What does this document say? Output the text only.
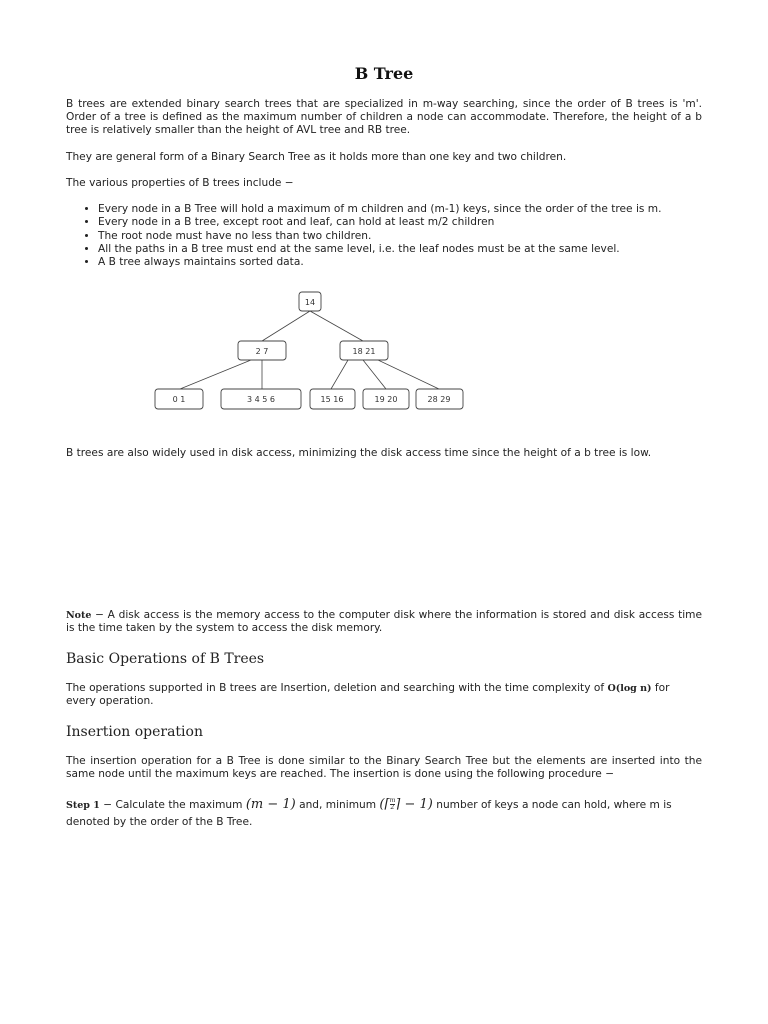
B Tree

B trees are extended binary search trees that are specialized in m-way searching, since the order of B trees is 'm'. Order of a tree is defined as the maximum number of children a node can accommodate. Therefore, the height of a b tree is relatively smaller than the height of AVL tree and RB tree.

They are general form of a Binary Search Tree as it holds more than one key and two children.

The various properties of B trees include −

• Every node in a B Tree will hold a maximum of m children and (m-1) keys, since the order of the tree is m.
• Every node in a B tree, except root and leaf, can hold at least m/2 children
• The root node must have no less than two children.
• All the paths in a B tree must end at the same level, i.e. the leaf nodes must be at the same level.
• A B tree always maintains sorted data.
14
2 7	18 21
0 1	3 4 5 6	15 16	19 20	28 29

B trees are also widely used in disk access, minimizing the disk access time since the height of a b tree is low.

Note − A disk access is the memory access to the computer disk where the information is stored and disk access time is the time taken by the system to access the disk memory.

Basic Operations of B Trees

The operations supported in B trees are Insertion, deletion and searching with the time complexity of O(log n) for every operation.

Insertion operation

The insertion operation for a B Tree is done similar to the Binary Search Tree but the elements are inserted into the same node until the maximum keys are reached. The insertion is done using the following procedure −

Step 1 − Calculate the maximum (m − 1) and, minimum (⌈ $\frac{m}{2}$ ⌉ − 1) number of keys a node can hold, where m is denoted by the order of the B Tree.
